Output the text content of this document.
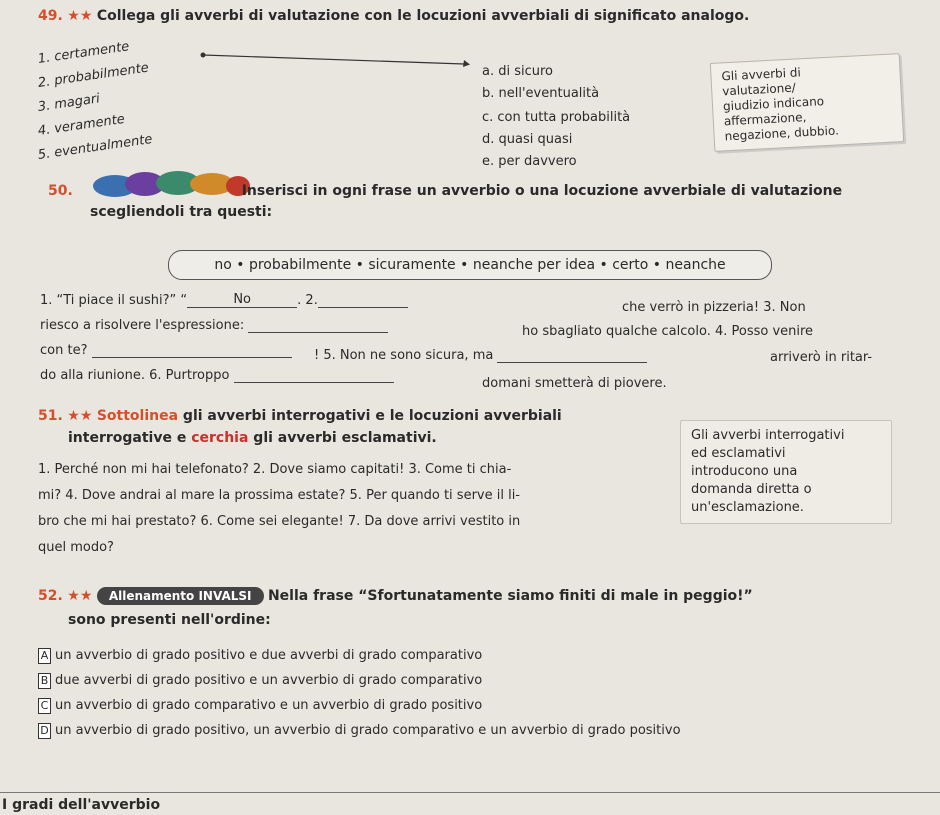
49. ★★ Collega gli avverbi di valutazione con le locuzioni avverbiali di significato analogo.
1. certamente
2. probabilmente
3. magari
4. veramente
5. eventualmente
a. di sicuro
b. nell'eventualità
c. con tutta probabilità
d. quasi quasi
e. per davvero
Gli avverbi di
valutazione/
giudizio indicano
affermazione,
negazione, dubbio.
50.	Inserisci in ogni frase un avverbio o una locuzione avverbiale di valutazione
scegliendoli tra questi:
no • probabilmente • sicuramente • neanche per idea • certo • neanche
1. “Ti piace il sushi?” “	No	. 2.	che verrò in pizzeria! 3. Non
riesco a risolvere l'espressione:	ho sbagliato qualche calcolo. 4. Posso venire
con te?	! 5. Non ne sono sicura, ma	arriverò in ritar-
do alla riunione. 6. Purtroppo
domani smetterà di piovere.
51. ★★ Sottolinea gli avverbi interrogativi e le locuzioni avverbiali
interrogative e cerchia gli avverbi esclamativi.
1. Perché non mi hai telefonato? 2. Dove siamo capitati! 3. Come ti chia-
mi? 4. Dove andrai al mare la prossima estate? 5. Per quando ti serve il li-
bro che mi hai prestato? 6. Come sei elegante! 7. Da dove arrivi vestito in
quel modo?
Gli avverbi interrogativi
ed esclamativi
introducono una
domanda diretta o
un'esclamazione.
52. ★★ Allenamento INVALSI Nella frase “Sfortunatamente siamo finiti di male in peggio!”
sono presenti nell'ordine:
A un avverbio di grado positivo e due avverbi di grado comparativo
B due avverbi di grado positivo e un avverbio di grado comparativo
C un avverbio di grado comparativo e un avverbio di grado positivo
D un avverbio di grado positivo, un avverbio di grado comparativo e un avverbio di grado positivo
I gradi dell'avverbio
